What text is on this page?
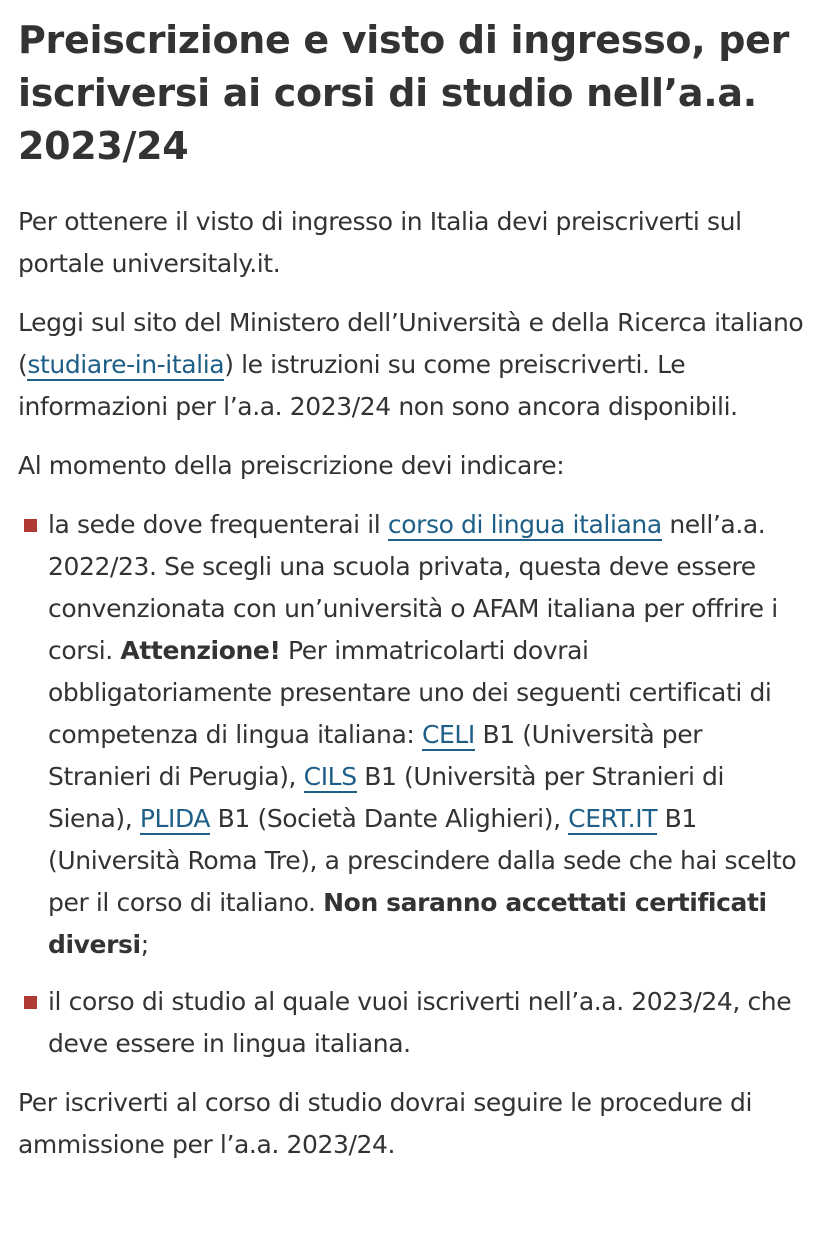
Preiscrizione e visto di ingresso, per iscriversi ai corsi di studio nell’a.a. 2023/24

Per ottenere il visto di ingresso in Italia devi preiscriverti sul portale universitaly.it.

Leggi sul sito del Ministero dell’Università e della Ricerca italiano (studiare-in-italia) le istruzioni su come preiscriverti. Le informazioni per l’a.a. 2023/24 non sono ancora disponibili.

Al momento della preiscrizione devi indicare:

la sede dove frequenterai il corso di lingua italiana nell’a.a. 2022/23. Se scegli una scuola privata, questa deve essere convenzionata con un’università o AFAM italiana per offrire i corsi. Attenzione! Per immatricolarti dovrai obbligatoriamente presentare uno dei seguenti certificati di competenza di lingua italiana: CELI B1 (Università per Stranieri di Perugia), CILS B1 (Università per Stranieri di Siena), PLIDA B1 (Società Dante Alighieri), CERT.IT B1 (Università Roma Tre), a prescindere dalla sede che hai scelto per il corso di italiano. Non saranno accettati certificati diversi;
il corso di studio al quale vuoi iscriverti nell’a.a. 2023/24, che deve essere in lingua italiana.

Per iscriverti al corso di studio dovrai seguire le procedure di ammissione per l’a.a. 2023/24.
